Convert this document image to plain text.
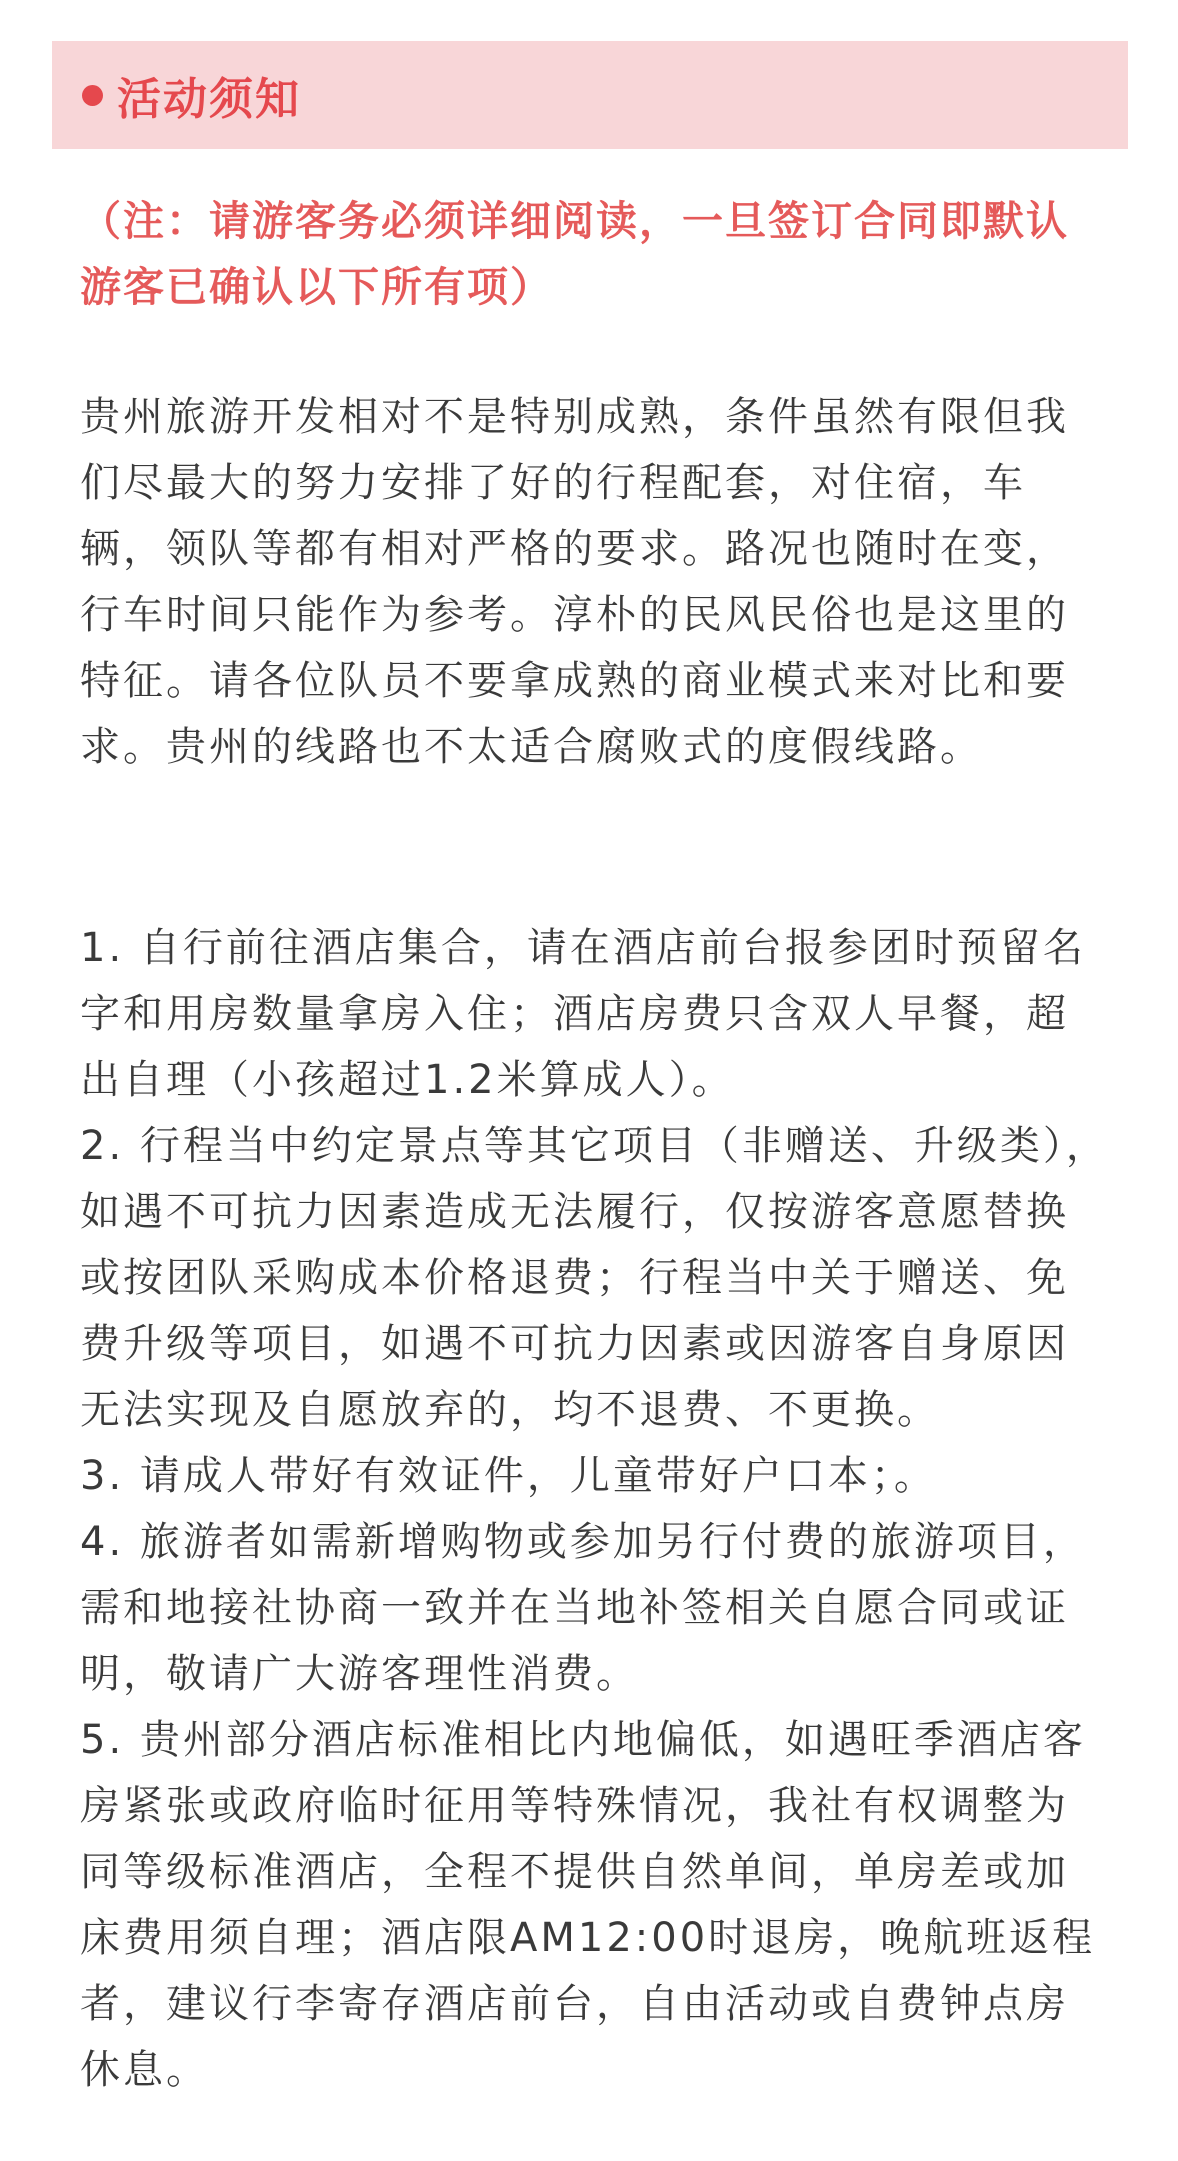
活动须知

（注：请游客务必须详细阅读，一旦签订合同即默认游客已确认以下所有项）

贵州旅游开发相对不是特别成熟，条件虽然有限但我们尽最大的努力安排了好的行程配套，对住宿，车辆，领队等都有相对严格的要求。路况也随时在变，行车时间只能作为参考。淳朴的民风民俗也是这里的特征。请各位队员不要拿成熟的商业模式来对比和要求。贵州的线路也不太适合腐败式的度假线路。

1. 自行前往酒店集合，请在酒店前台报参团时预留名字和用房数量拿房入住；酒店房费只含双人早餐，超出自理（小孩超过1.2米算成人）。

2. 行程当中约定景点等其它项目（非赠送、升级类），如遇不可抗力因素造成无法履行，仅按游客意愿替换或按团队采购成本价格退费；行程当中关于赠送、免费升级等项目，如遇不可抗力因素或因游客自身原因无法实现及自愿放弃的，均不退费、不更换。

3. 请成人带好有效证件，儿童带好户口本；。

4. 旅游者如需新增购物或参加另行付费的旅游项目，需和地接社协商一致并在当地补签相关自愿合同或证明，敬请广大游客理性消费。

5. 贵州部分酒店标准相比内地偏低，如遇旺季酒店客房紧张或政府临时征用等特殊情况，我社有权调整为同等级标准酒店，全程不提供自然单间，单房差或加床费用须自理；酒店限AM12:00时退房，晚航班返程者，建议行李寄存酒店前台，自由活动或自费钟点房休息。
